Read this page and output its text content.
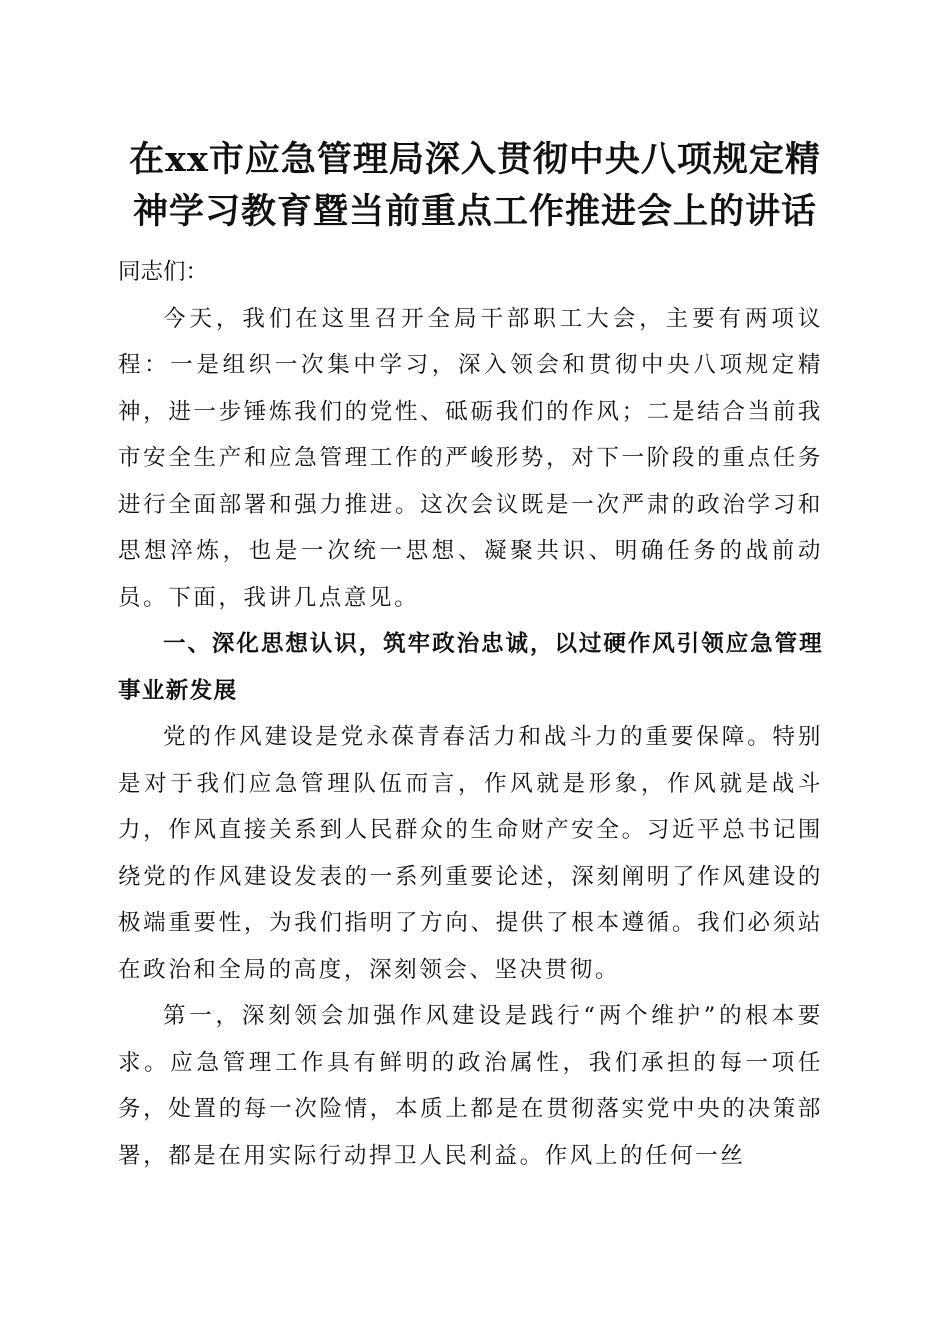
在xx市应急管理局深入贯彻中央八项规定精
神学习教育暨当前重点工作推进会上的讲话

同志们：

今天，我们在这里召开全局干部职工大会，主要有两项议程：一是组织一次集中学习，深入领会和贯彻中央八项规定精神，进一步锤炼我们的党性、砥砺我们的作风；二是结合当前我市安全生产和应急管理工作的严峻形势，对下一阶段的重点任务进行全面部署和强力推进。这次会议既是一次严肃的政治学习和思想淬炼，也是一次统一思想、凝聚共识、明确任务的战前动员。下面，我讲几点意见。

一、深化思想认识，筑牢政治忠诚，以过硬作风引领应急管理事业新发展

党的作风建设是党永葆青春活力和战斗力的重要保障。特别是对于我们应急管理队伍而言，作风就是形象，作风就是战斗力，作风直接关系到人民群众的生命财产安全。习近平总书记围绕党的作风建设发表的一系列重要论述，深刻阐明了作风建设的极端重要性，为我们指明了方向、提供了根本遵循。我们必须站在政治和全局的高度，深刻领会、坚决贯彻。

第一，深刻领会加强作风建设是践行“两个维护”的根本要求。应急管理工作具有鲜明的政治属性，我们承担的每一项任务，处置的每一次险情，本质上都是在贯彻落实党中央的决策部署，都是在用实际行动捍卫人民利益。作风上的任何一丝
